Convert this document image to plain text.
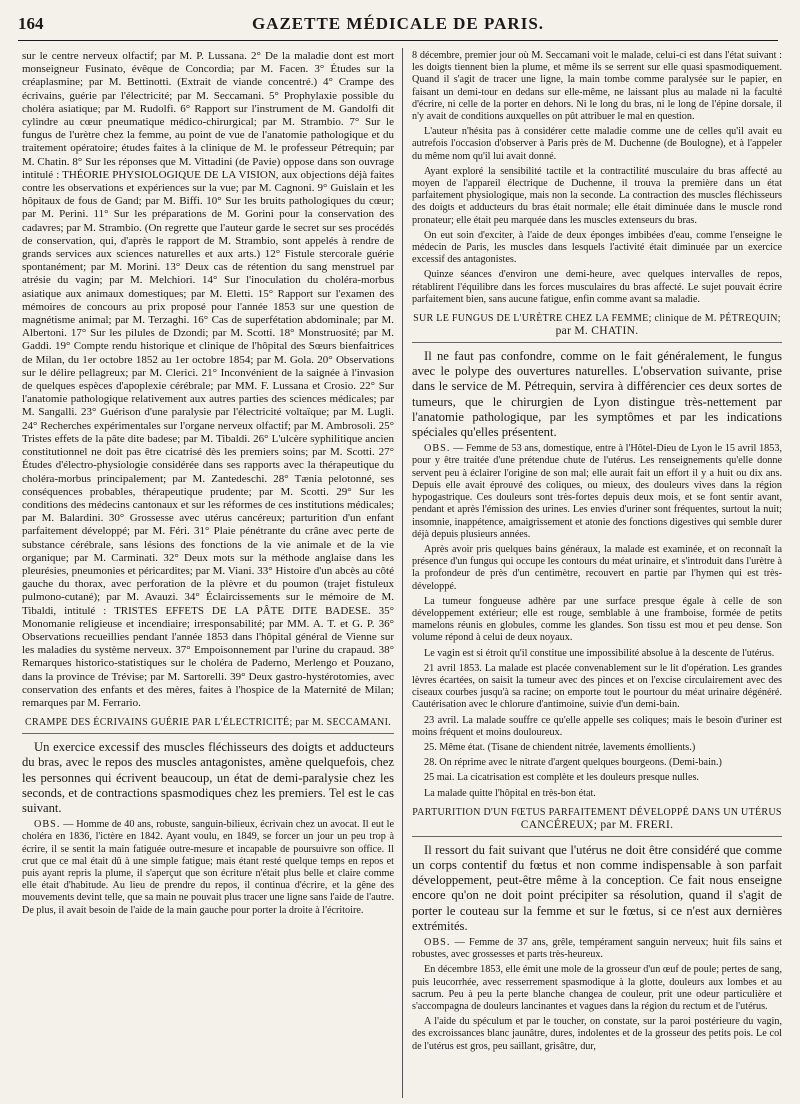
164	GAZETTE MÉDICALE DE PARIS.

sur le centre nerveux olfactif; par M. P. Lussana. 2° De la maladie dont est mort monseigneur Fusinato, évêque de Concordia; par M. Facen. 3° Études sur la créaplasmine; par M. Bettinotti. (Extrait de viande concentré.) 4° Crampe des écrivains, guérie par l'électricité; par M. Seccamani. 5° Prophylaxie possible du choléra asiatique; par M. Rudolfi. 6° Rapport sur l'instrument de M. Gandolfi dit cylindre au cœur pneumatique médico-chirurgical; par M. Strambio. 7° Sur le fungus de l'urètre chez la femme, au point de vue de l'anatomie pathologique et du traitement opératoire; études faites à la clinique de M. le professeur Pétrequin; par M. Chatin. 8° Sur les réponses que M. Vittadini (de Pavie) oppose dans son ouvrage intitulé : THÉORIE PHYSIOLOGIQUE DE LA VISION, aux objections déjà faites contre les observations et expériences sur la vue; par M. Cagnoni. 9° Guislain et les hôpitaux de fous de Gand; par M. Biffi. 10° Sur les bruits pathologiques du cœur; par M. Perini. 11° Sur les préparations de M. Gorini pour la conservation des cadavres; par M. Strambio. (On regrette que l'auteur garde le secret sur ses procédés de conservation, qui, d'après le rapport de M. Strambio, sont appelés à rendre de grands services aux sciences naturelles et aux arts.) 12° Fistule stercorale guérie spontanément; par M. Morini. 13° Deux cas de rétention du sang menstruel par atrésie du vagin; par M. Melchiori. 14° Sur l'inoculation du choléra-morbus asiatique aux animaux domestiques; par M. Eletti. 15° Rapport sur l'examen des mémoires de concours au prix proposé pour l'année 1853 sur une question de magnétisme animal; par M. Terzaghi. 16° Cas de superfétation abdominale; par M. Albertoni. 17° Sur les pilules de Dzondi; par M. Scotti. 18° Monstruosité; par M. Gaddi. 19° Compte rendu historique et clinique de l'hôpital des Sœurs bienfaitrices de Milan, du 1er octobre 1852 au 1er octobre 1854; par M. Gola. 20° Observations sur le délire pellagreux; par M. Clerici. 21° Inconvénient de la saignée à l'invasion de quelques espèces d'apoplexie cérébrale; par MM. F. Lussana et Crosio. 22° Sur l'anatomie pathologique relativement aux autres parties des sciences médicales; par M. Sangalli. 23° Guérison d'une paralysie par l'électricité voltaïque; par M. Lugli. 24° Recherches expérimentales sur l'organe nerveux olfactif; par M. Ambrosoli. 25° Tristes effets de la pâte dite badese; par M. Tibaldi. 26° L'ulcère syphilitique ancien constitutionnel ne doit pas être cicatrisé dès les premiers soins; par M. Scotti. 27° Études d'électro-physiologie considérée dans ses rapports avec la thérapeutique du choléra-morbus principalement; par M. Zantedeschi. 28° Tænia pelotonné, ses conséquences probables, thérapeutique prudente; par M. Scotti. 29° Sur les conditions des médecins cantonaux et sur les réformes de ces institutions médicales; par M. Balardini. 30° Grossesse avec utérus cancéreux; parturition d'un enfant parfaitement développé; par M. Féri. 31° Plaie pénétrante du crâne avec perte de substance cérébrale, sans lésions des fonctions de la vie animale et de la vie organique; par M. Carminati. 32° Deux mots sur la méthode anglaise dans les pleurésies, pneumonies et péricardites; par M. Viani. 33° Histoire d'un abcès au côté gauche du thorax, avec perforation de la plèvre et du poumon (trajet fistuleux pulmono-cutané); par M. Avauzi. 34° Éclaircissements sur le mémoire de M. Tibaldi, intitulé : TRISTES EFFETS DE LA PÂTE DITE BADESE. 35° Monomanie religieuse et incendiaire; irresponsabilité; par MM. A. T. et G. P. 36° Observations recueillies pendant l'année 1853 dans l'hôpital général de Vienne sur les maladies du système nerveux. 37° Empoisonnement par l'urine du crapaud. 38° Remarques historico-statistiques sur le choléra de Paderno, Merlengo et Pouzano, dans la province de Trévise; par M. Sartorelli. 39° Deux gastro-hystérotomies, avec conservation des enfants et des mères, faites à l'hospice de la Maternité de Milan; remarques par M. Ferrario.

CRAMPE DES ÉCRIVAINS GUÉRIE PAR L'ÉLECTRICITÉ; par M. SECCAMANI.

Un exercice excessif des muscles fléchisseurs des doigts et adducteurs du bras, avec le repos des muscles antagonistes, amène quelquefois, chez les personnes qui écrivent beaucoup, un état de demi-paralysie chez les seconds, et de contractions spasmodiques chez les premiers. Tel est le cas suivant.

OBS. — Homme de 40 ans, robuste, sanguin-bilieux, écrivain chez un avocat. Il eut le choléra en 1836, l'ictère en 1842. Ayant voulu, en 1849, se forcer un jour un peu trop à écrire, il se sentit la main fatiguée outre-mesure et incapable de poursuivre son office. Il crut que ce mal était dû à une simple fatigue; mais étant resté quelque temps en repos et puis ayant repris la plume, il s'aperçut que son écriture n'était plus belle et claire comme elle était d'habitude. Au lieu de prendre du repos, il continua d'écrire, et la gêne des mouvements devint telle, que sa main ne pouvait plus tracer une ligne sans l'aide de l'autre. De plus, il avait besoin de l'aide de la main gauche pour porter la droite à l'écritoire.

8 décembre, premier jour où M. Seccamani voit le malade, celui-ci est dans l'état suivant : les doigts tiennent bien la plume, et même ils se serrent sur elle quasi spasmodiquement. Quand il s'agit de tracer une ligne, la main tombe comme paralysée sur le papier, en faisant un demi-tour en dedans sur elle-même, ne laissant plus au malade ni la faculté d'écrire, ni celle de la porter en dehors. Ni le long du bras, ni le long de l'épine dorsale, il n'y avait de conditions auxquelles on pût attribuer le mal en question.

L'auteur n'hésita pas à considérer cette maladie comme une de celles qu'il avait eu autrefois l'occasion d'observer à Paris près de M. Duchenne (de Boulogne), et à l'appeler du même nom qu'il lui avait donné.

Ayant exploré la sensibilité tactile et la contractilité musculaire du bras affecté au moyen de l'appareil électrique de Duchenne, il trouva la première dans un état parfaitement physiologique, mais non la seconde. La contraction des muscles fléchisseurs des doigts et adducteurs du bras était normale; elle était diminuée dans le muscle rond pronateur; elle était peu marquée dans les muscles extenseurs du bras.

On eut soin d'exciter, à l'aide de deux éponges imbibées d'eau, comme l'enseigne le médecin de Paris, les muscles dans lesquels l'activité était diminuée par un exercice excessif des antagonistes.

Quinze séances d'environ une demi-heure, avec quelques intervalles de repos, rétablirent l'équilibre dans les forces musculaires du bras affecté. Le sujet pouvait écrire parfaitement bien, sans aucune fatigue, enfin comme avant sa maladie.

SUR LE FUNGUS DE L'URÈTRE CHEZ LA FEMME; clinique de M. PÉTREQUIN;
par M. CHATIN.

Il ne faut pas confondre, comme on le fait généralement, le fungus avec le polype des ouvertures naturelles. L'observation suivante, prise dans le service de M. Pétrequin, servira à différencier ces deux sortes de tumeurs, que le chirurgien de Lyon distingue très-nettement par l'anatomie pathologique, par les symptômes et par les indications spéciales qu'elles présentent.

OBS. — Femme de 53 ans, domestique, entre à l'Hôtel-Dieu de Lyon le 15 avril 1853, pour y être traitée d'une prétendue chute de l'utérus. Les renseignements qu'elle donne servent peu à éclairer l'origine de son mal; elle aurait fait un effort il y a huit ou dix ans. Depuis elle avait éprouvé des coliques, ou mieux, des douleurs vives dans la région hypogastrique. Ces douleurs sont très-fortes depuis deux mois, et se font sentir avant, pendant et après l'émission des urines. Les envies d'uriner sont fréquentes, surtout la nuit; insomnie, inappétence, amaigrissement et atonie des fonctions digestives qui semble durer déjà depuis plusieurs années.

Après avoir pris quelques bains généraux, la malade est examinée, et on reconnaît la présence d'un fungus qui occupe les contours du méat urinaire, et s'introduit dans l'urètre à la profondeur de près d'un centimètre, recouvert en partie par l'hymen qui est très-développé.

La tumeur fongueuse adhère par une surface presque égale à celle de son développement extérieur; elle est rouge, semblable à une framboise, formée de petits mamelons réunis en globules, comme les glandes. Son tissu est mou et peu dense. Son volume répond à celui de deux noyaux.

Le vagin est si étroit qu'il constitue une impossibilité absolue à la descente de l'utérus.

21 avril 1853. La malade est placée convenablement sur le lit d'opération. Les grandes lèvres écartées, on saisit la tumeur avec des pinces et on l'excise circulairement avec des ciseaux courbes jusqu'à sa racine; on emporte tout le pourtour du méat urinaire dégénéré. Cautérisation avec le chlorure d'antimoine, suivie d'un demi-bain.

23 avril. La malade souffre ce qu'elle appelle ses coliques; mais le besoin d'uriner est moins fréquent et moins douloureux.

25. Même état. (Tisane de chiendent nitrée, lavements émollients.)

28. On réprime avec le nitrate d'argent quelques bourgeons. (Demi-bain.)

25 mai. La cicatrisation est complète et les douleurs presque nulles.

La malade quitte l'hôpital en très-bon état.

PARTURITION D'UN FŒTUS PARFAITEMENT DÉVELOPPÉ DANS UN UTÉRUS
CANCÉREUX; par M. FRERI.

Il ressort du fait suivant que l'utérus ne doit être considéré que comme un corps contentif du fœtus et non comme indispensable à son parfait développement, peut-être même à la conception. Ce fait nous enseigne encore qu'on ne doit point précipiter sa résolution, quand il s'agit de porter le couteau sur la femme et sur le fœtus, si ce n'est aux dernières extrémités.

OBS. — Femme de 37 ans, grêle, tempérament sanguin nerveux; huit fils sains et robustes, avec grossesses et parts très-heureux.

En décembre 1853, elle émit une mole de la grosseur d'un œuf de poule; pertes de sang, puis leucorrhée, avec resserrement spasmodique à la glotte, douleurs aux lombes et au sacrum. Peu à peu la perte blanche changea de couleur, prit une odeur particulière et s'accompagna de douleurs lancinantes et vagues dans la région du rectum et de l'utérus.

A l'aide du spéculum et par le toucher, on constate, sur la paroi postérieure du vagin, des excroissances blanc jaunâtre, dures, indolentes et de la grosseur des petits pois. Le col de l'utérus est gros, peu saillant, grisâtre, dur,
